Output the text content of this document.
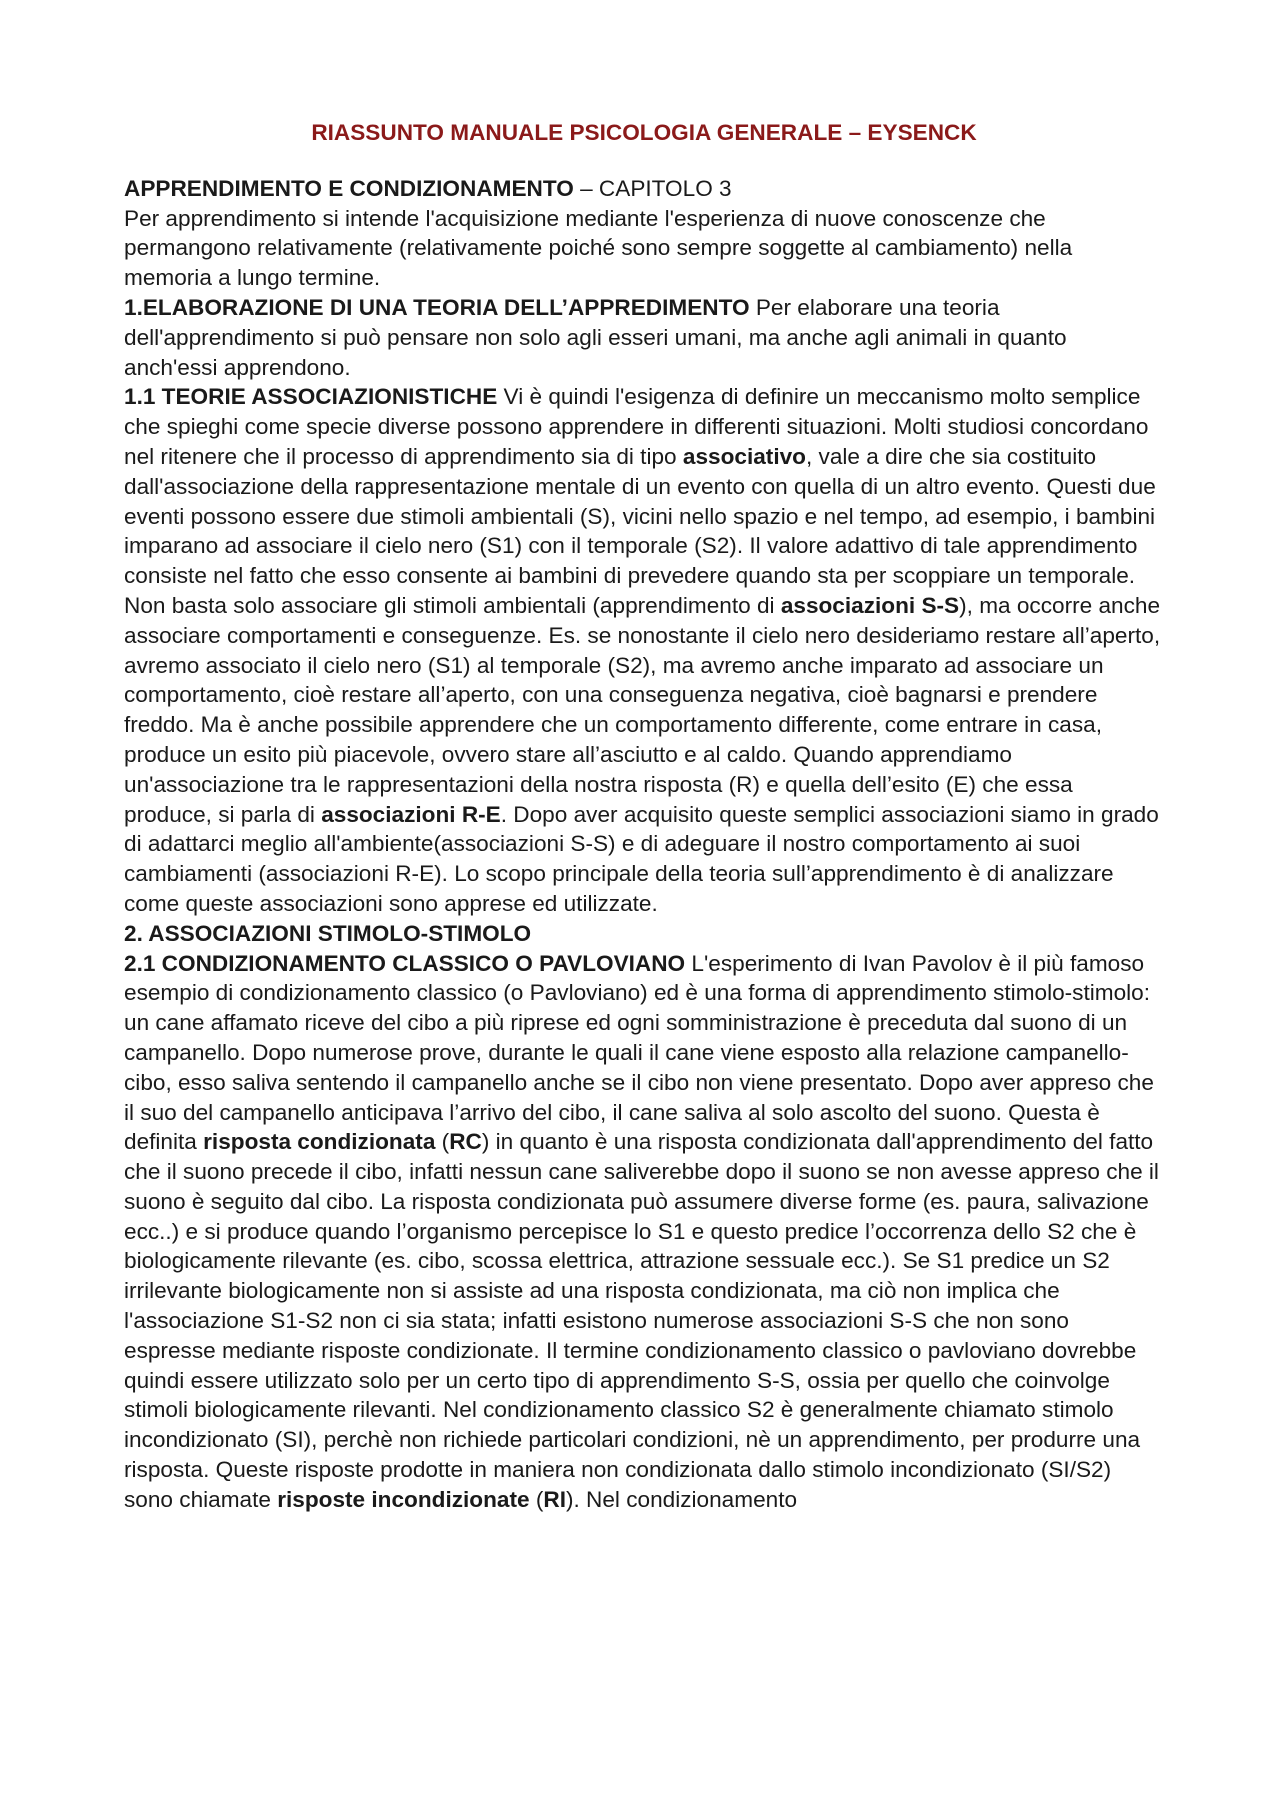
RIASSUNTO MANUALE PSICOLOGIA GENERALE – EYSENCK

APPRENDIMENTO E CONDIZIONAMENTO – CAPITOLO 3

Per apprendimento si intende l'acquisizione mediante l'esperienza di nuove conoscenze che permangono relativamente (relativamente poiché sono sempre soggette al cambiamento) nella memoria a lungo termine.

1.ELABORAZIONE DI UNA TEORIA DELL’APPREDIMENTO Per elaborare una teoria dell'apprendimento si può pensare non solo agli esseri umani, ma anche agli animali in quanto anch'essi apprendono.

1.1 TEORIE ASSOCIAZIONISTICHE Vi è quindi l'esigenza di definire un meccanismo molto semplice che spieghi come specie diverse possono apprendere in differenti situazioni. Molti studiosi concordano nel ritenere che il processo di apprendimento sia di tipo associativo, vale a dire che sia costituito dall'associazione della rappresentazione mentale di un evento con quella di un altro evento. Questi due eventi possono essere due stimoli ambientali (S), vicini nello spazio e nel tempo, ad esempio, i bambini imparano ad associare il cielo nero (S1) con il temporale (S2). Il valore adattivo di tale apprendimento consiste nel fatto che esso consente ai bambini di prevedere quando sta per scoppiare un temporale. Non basta solo associare gli stimoli ambientali (apprendimento di associazioni S-S), ma occorre anche associare comportamenti e conseguenze. Es. se nonostante il cielo nero desideriamo restare all’aperto, avremo associato il cielo nero (S1) al temporale (S2), ma avremo anche imparato ad associare un comportamento, cioè restare all’aperto, con una conseguenza negativa, cioè bagnarsi e prendere freddo. Ma è anche possibile apprendere che un comportamento differente, come entrare in casa, produce un esito più piacevole, ovvero stare all’asciutto e al caldo. Quando apprendiamo un'associazione tra le rappresentazioni della nostra risposta (R) e quella dell’esito (E) che essa produce, si parla di associazioni R-E. Dopo aver acquisito queste semplici associazioni siamo in grado di adattarci meglio all'ambiente(associazioni S-S) e di adeguare il nostro comportamento ai suoi cambiamenti (associazioni R-E). Lo scopo principale della teoria sull’apprendimento è di analizzare come queste associazioni sono apprese ed utilizzate.

2. ASSOCIAZIONI STIMOLO-STIMOLO

2.1 CONDIZIONAMENTO CLASSICO O PAVLOVIANO L'esperimento di Ivan Pavolov è il più famoso esempio di condizionamento classico (o Pavloviano) ed è una forma di apprendimento stimolo-stimolo: un cane affamato riceve del cibo a più riprese ed ogni somministrazione è preceduta dal suono di un campanello. Dopo numerose prove, durante le quali il cane viene esposto alla relazione campanello-cibo, esso saliva sentendo il campanello anche se il cibo non viene presentato. Dopo aver appreso che il suo del campanello anticipava l’arrivo del cibo, il cane saliva al solo ascolto del suono. Questa è definita risposta condizionata (RC) in quanto è una risposta condizionata dall'apprendimento del fatto che il suono precede il cibo, infatti nessun cane saliverebbe dopo il suono se non avesse appreso che il suono è seguito dal cibo. La risposta condizionata può assumere diverse forme (es. paura, salivazione ecc..) e si produce quando l’organismo percepisce lo S1 e questo predice l’occorrenza dello S2 che è biologicamente rilevante (es. cibo, scossa elettrica, attrazione sessuale ecc.). Se S1 predice un S2 irrilevante biologicamente non si assiste ad una risposta condizionata, ma ciò non implica che l'associazione S1-S2 non ci sia stata; infatti esistono numerose associazioni S-S che non sono espresse mediante risposte condizionate. Il termine condizionamento classico o pavloviano dovrebbe quindi essere utilizzato solo per un certo tipo di apprendimento S-S, ossia per quello che coinvolge stimoli biologicamente rilevanti. Nel condizionamento classico S2 è generalmente chiamato stimolo incondizionato (SI), perchè non richiede particolari condizioni, nè un apprendimento, per produrre una risposta. Queste risposte prodotte in maniera non condizionata dallo stimolo incondizionato (SI/S2) sono chiamate risposte incondizionate (RI). Nel condizionamento
